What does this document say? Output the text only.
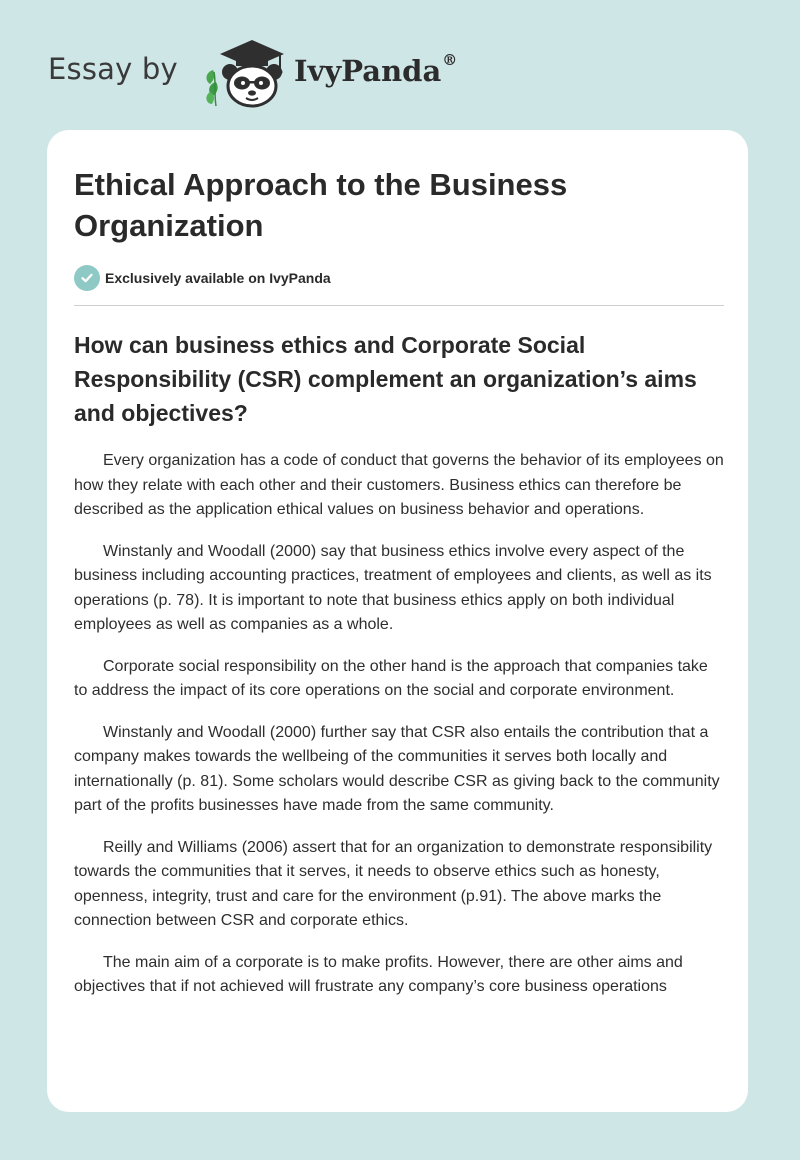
Essay by	IvyPanda®
Ethical Approach to the Business Organization
Exclusively available on IvyPanda
How can business ethics and Corporate Social Responsibility (CSR) complement an organization’s aims and objectives?

Every organization has a code of conduct that governs the behavior of its employees on how they relate with each other and their customers. Business ethics can therefore be described as the application ethical values on business behavior and operations.

Winstanly and Woodall (2000) say that business ethics involve every aspect of the business including accounting practices, treatment of employees and clients, as well as its operations (p. 78). It is important to note that business ethics apply on both individual employees as well as companies as a whole.

Corporate social responsibility on the other hand is the approach that companies take to address the impact of its core operations on the social and corporate environment.

Winstanly and Woodall (2000) further say that CSR also entails the contribution that a company makes towards the wellbeing of the communities it serves both locally and internationally (p. 81). Some scholars would describe CSR as giving back to the community part of the profits businesses have made from the same community.

Reilly and Williams (2006) assert that for an organization to demonstrate responsibility towards the communities that it serves, it needs to observe ethics such as honesty, openness, integrity, trust and care for the environment (p.91). The above marks the connection between CSR and corporate ethics.

The main aim of a corporate is to make profits. However, there are other aims and objectives that if not achieved will frustrate any company’s core business operations
